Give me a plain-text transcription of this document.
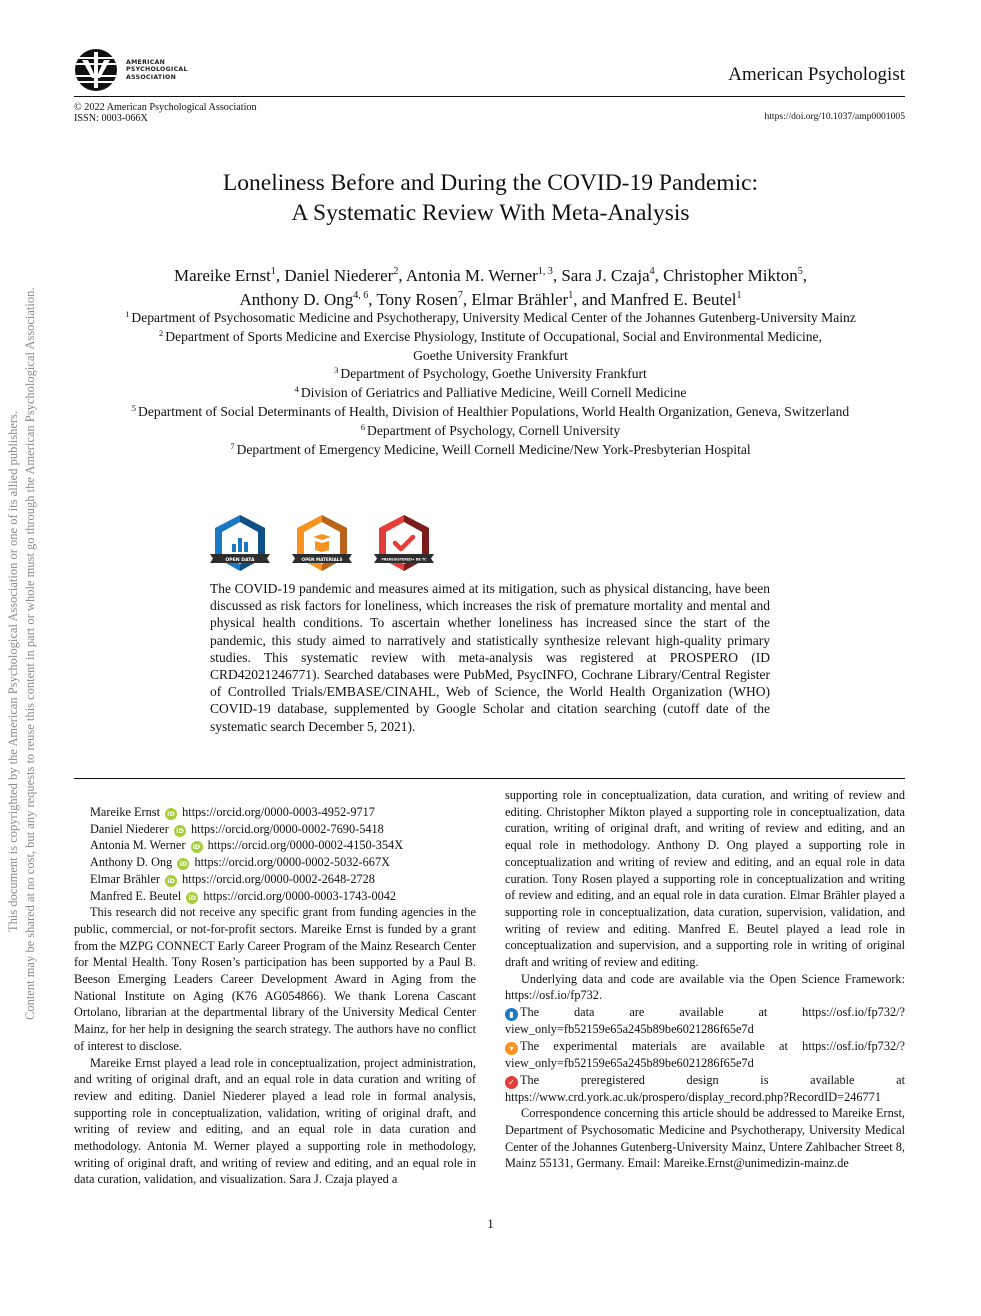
This document is copyrighted by the American Psychological Association or one of its allied publishers. Content may be shared at no cost, but any requests to reuse this content in part or whole must go through the American Psychological Association.
AMERICAN
PSYCHOLOGICAL
ASSOCIATION	American Psychologist
© 2022 American Psychological Association
ISSN: 0003-066X	https://doi.org/10.1037/amp0001005
Loneliness Before and During the COVID-19 Pandemic:
A Systematic Review With Meta-Analysis
Mareike Ernst$^1$, Daniel Niederer$^2$, Antonia M. Werner$^{1, 3}$, Sara J. Czaja$^4$, Christopher Mikton$^5$,
Anthony D. Ong$^{4, 6}$, Tony Rosen$^7$, Elmar Brähler$^1$, and Manfred E. Beutel$^1$
$^1$ Department of Psychosomatic Medicine and Psychotherapy, University Medical Center of the Johannes Gutenberg-University Mainz
$^2$ Department of Sports Medicine and Exercise Physiology, Institute of Occupational, Social and Environmental Medicine,
Goethe University Frankfurt
$^3$ Department of Psychology, Goethe University Frankfurt
$^4$ Division of Geriatrics and Palliative Medicine, Weill Cornell Medicine
$^5$ Department of Social Determinants of Health, Division of Healthier Populations, World Health Organization, Geneva, Switzerland
$^6$ Department of Psychology, Cornell University
$^7$ Department of Emergency Medicine, Weill Cornell Medicine/New York-Presbyterian Hospital
OPEN DATA	OPEN MATERIALS	PREREGISTERED+ DE TC
The COVID-19 pandemic and measures aimed at its mitigation, such as physical distancing, have been discussed as risk factors for loneliness, which increases the risk of premature mortality and mental and physical health conditions. To ascertain whether loneliness has increased since the start of the pandemic, this study aimed to narratively and statistically synthesize relevant high-quality primary studies. This systematic review with meta-analysis was registered at PROSPERO (ID CRD42021246771). Searched databases were PubMed, PsycINFO, Cochrane Library/Central Register of Controlled Trials/EMBASE/CINAHL, Web of Science, the World Health Organization (WHO) COVID-19 database, supplemented by Google Scholar and citation searching (cutoff date of the systematic search December 5, 2021).
Mareike Ernst iD https://orcid.org/0000-0003-4952-9717
Daniel Niederer iD https://orcid.org/0000-0002-7690-5418
Antonia M. Werner iD https://orcid.org/0000-0002-4150-354X
Anthony D. Ong iD https://orcid.org/0000-0002-5032-667X
Elmar Brähler iD https://orcid.org/0000-0002-2648-2728
Manfred E. Beutel iD https://orcid.org/0000-0003-1743-0042

This research did not receive any specific grant from funding agencies in the public, commercial, or not-for-profit sectors. Mareike Ernst is funded by a grant from the MZPG CONNECT Early Career Program of the Mainz Research Center for Mental Health. Tony Rosen’s participation has been supported by a Paul B. Beeson Emerging Leaders Career Development Award in Aging from the National Institute on Aging (K76 AG054866). We thank Lorena Cascant Ortolano, librarian at the departmental library of the University Medical Center Mainz, for her help in designing the search strategy. The authors have no conflict of interest to disclose.

Mareike Ernst played a lead role in conceptualization, project administration, and writing of original draft, and an equal role in data curation and writing of review and editing. Daniel Niederer played a lead role in formal analysis, supporting role in conceptualization, validation, writing of original draft, and writing of review and editing, and an equal role in data curation and methodology. Antonia M. Werner played a supporting role in methodology, writing of original draft, and writing of review and editing, and an equal role in data curation, validation, and visualization. Sara J. Czaja played a

supporting role in conceptualization, data curation, and writing of review and editing. Christopher Mikton played a supporting role in conceptualization, data curation, writing of original draft, and writing of review and editing, and an equal role in methodology. Anthony D. Ong played a supporting role in conceptualization and writing of review and editing, and an equal role in data curation. Tony Rosen played a supporting role in conceptualization and writing of review and editing, and an equal role in data curation. Elmar Brähler played a supporting role in conceptualization, data curation, supervision, validation, and writing of review and editing. Manfred E. Beutel played a lead role in conceptualization and supervision, and a supporting role in writing of original draft and writing of review and editing.

Underlying data and code are available via the Open Science Framework: https://osf.io/fp732.

▮ The data are available at https://osf.io/fp732/?view_only=fb52159e65a245b89be6021286f65e7d

▾ The experimental materials are available at https://osf.io/fp732/?view_only=fb52159e65a245b89be6021286f65e7d

✓ The preregistered design is available at https://www.crd.york.ac.uk/prospero/display_record.php?RecordID=246771

Correspondence concerning this article should be addressed to Mareike Ernst, Department of Psychosomatic Medicine and Psychotherapy, University Medical Center of the Johannes Gutenberg-University Mainz, Untere Zahlbacher Street 8, Mainz 55131, Germany. Email: Mareike.Ernst@unimedizin-mainz.de

1
